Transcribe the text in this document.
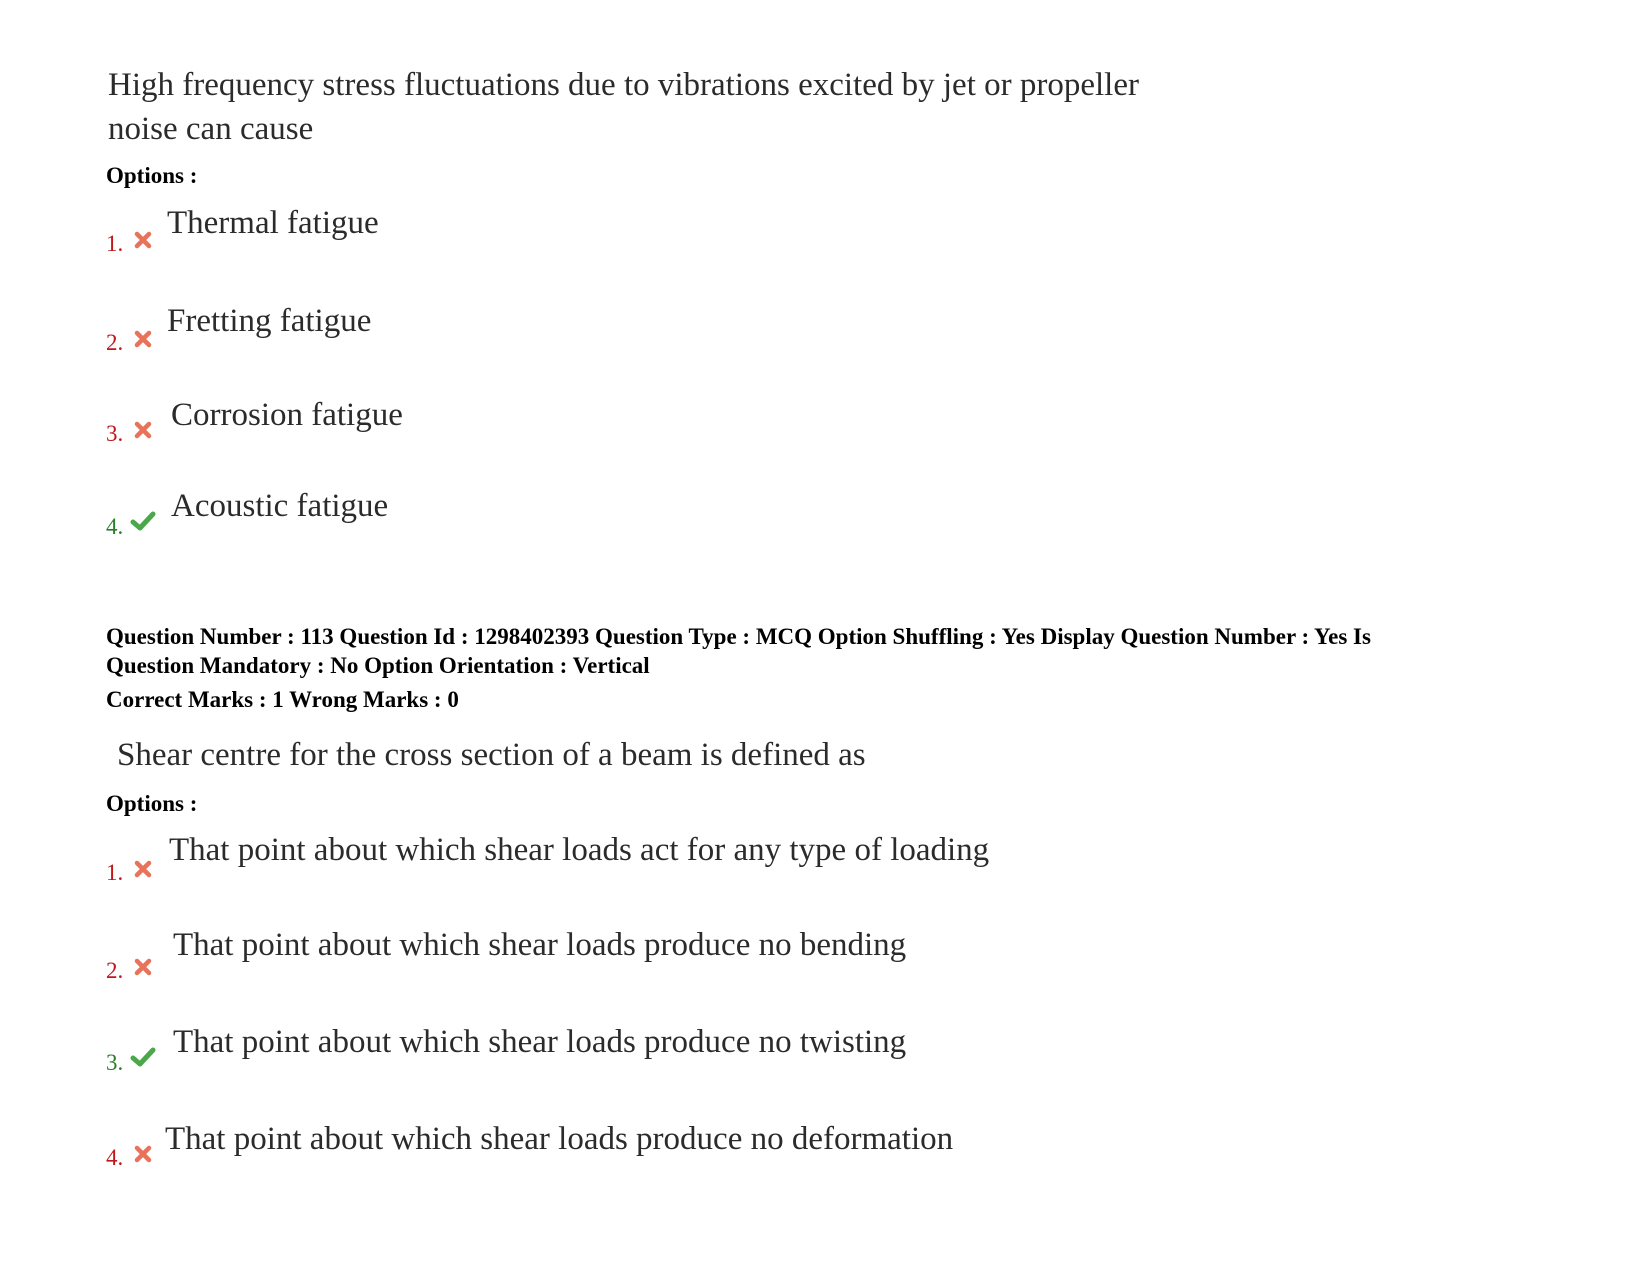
High frequency stress fluctuations due to vibrations excited by jet or propeller
noise can cause
Options :
1.
Thermal fatigue
2.
Fretting fatigue
3.
Corrosion fatigue
4.
Acoustic fatigue
Question Number : 113 Question Id : 1298402393 Question Type : MCQ Option Shuffling : Yes Display Question Number : Yes Is
Question Mandatory : No Option Orientation : Vertical
Correct Marks : 1 Wrong Marks : 0
Shear centre for the cross section of a beam is defined as
Options :
1.
That point about which shear loads act for any type of loading
2.
That point about which shear loads produce no bending
3.
That point about which shear loads produce no twisting
4.
That point about which shear loads produce no deformation
